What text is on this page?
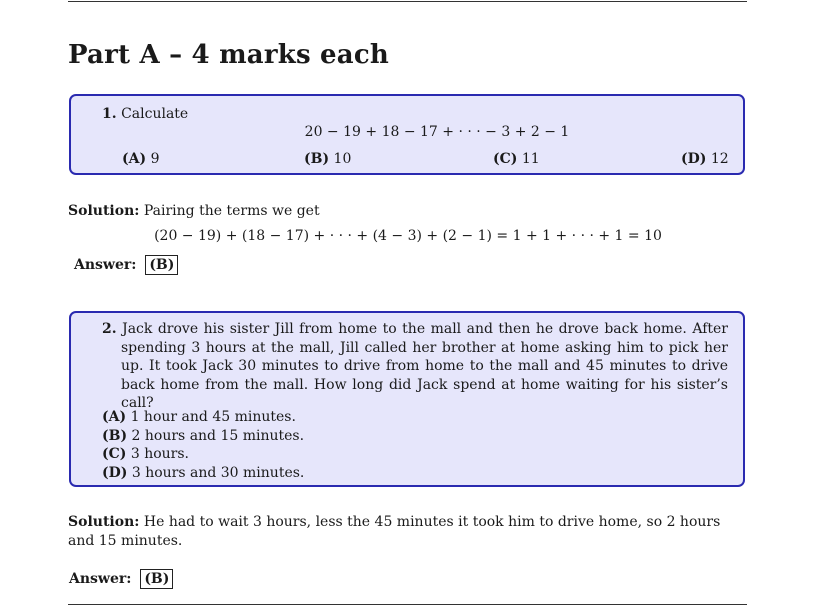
Part A – 4 marks each
1. Calculate
20 − 19 + 18 − 17 + · · · − 3 + 2 − 1
(A) 9	(B) 10	(C) 11	(D) 12
Solution: Pairing the terms we get
(20 − 19) + (18 − 17) + · · · + (4 − 3) + (2 − 1) = 1 + 1 + · · · + 1 = 10
Answer: (B)
2. Jack drove his sister Jill from home to the mall and then he drove back home. After spending 3 hours at the mall, Jill called her brother at home asking him to pick her up. It took Jack 30 minutes to drive from home to the mall and 45 minutes to drive back home from the mall. How long did Jack spend at home waiting for his sister’s call?
(A) 1 hour and 45 minutes.
(B) 2 hours and 15 minutes.
(C) 3 hours.
(D) 3 hours and 30 minutes.
Solution: He had to wait 3 hours, less the 45 minutes it took him to drive home, so 2 hours and 15 minutes.
Answer: (B)
